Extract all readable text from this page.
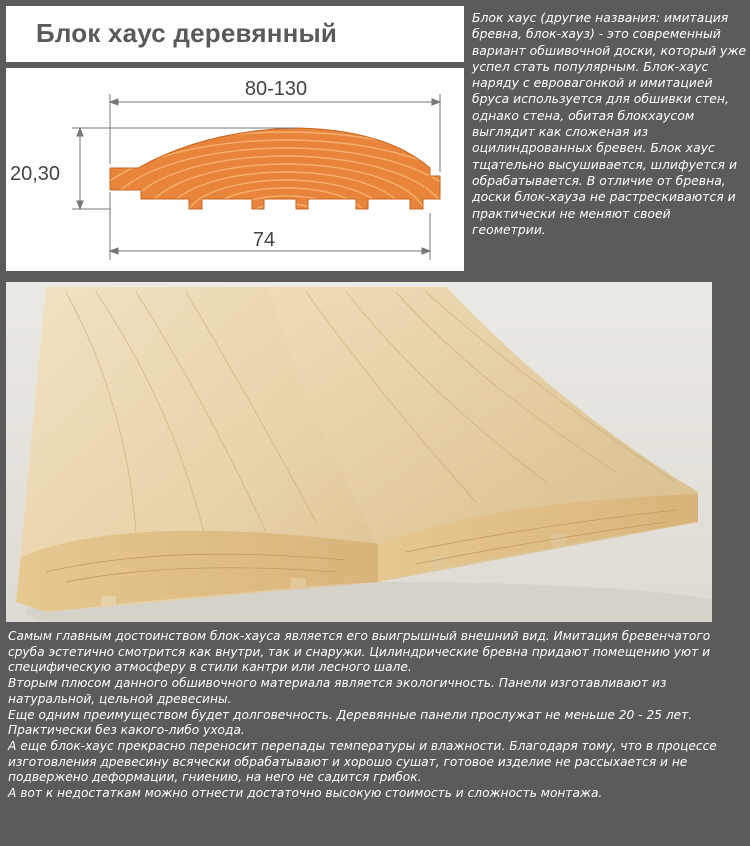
Блок хаус деревянный
80-130
20,30
74

Блок хаус (другие названия: имитация бревна, блок-хауз) - это современный вариант обшивочной доски, который уже успел стать популярным. Блок-хаус наряду с евровагонкой и имитацией бруса используется для обшивки стен, однако стена, обитая блокхаусом выглядит как сложеная из оцилиндрованных бревен. Блок хаус тщательно высушивается, шлифуется и обрабатывается. В отличие от бревна, доски блок-хауза не растрескиваются и практически не меняют своей геометрии.

Самым главным достоинством блок-хауса является его выигрышный внешний вид. Имитация бревенчатого сруба эстетично смотрится как внутри, так и снаружи. Цилиндрические бревна придают помещению уют и специфическую атмосферу в стили кантри или лесного шале.

Вторым плюсом данного обшивочного материала является экологичность. Панели изготавливают из натуральной, цельной древесины.

Еще одним преимуществом будет долговечность. Деревянные панели прослужат не меньше 20 - 25 лет. Практически без какого-либо ухода.

А еще блок-хаус прекрасно переносит перепады температуры и влажности. Благодаря тому, что в процессе изготовления древесину всячески обрабатывают и хорошо сушат, готовое изделие не рассыхается и не подвержено деформации, гниению, на него не садится грибок.

А вот к недостаткам можно отнести достаточно высокую стоимость и сложность монтажа.
